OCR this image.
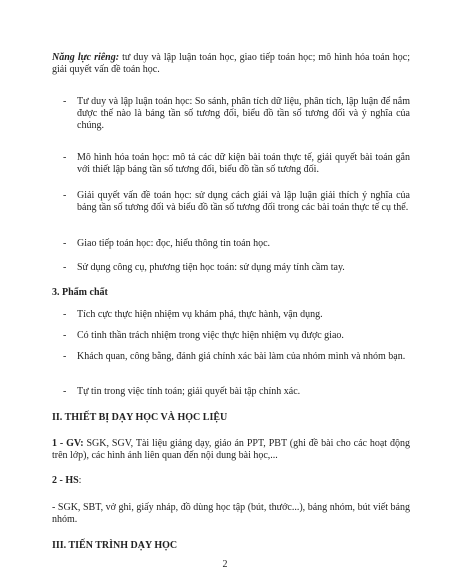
Năng lực riêng: tư duy và lập luận toán học, giao tiếp toán học; mô hình hóa toán học; giải quyết vấn đề toán học.

- Tư duy và lập luận toán học: So sánh, phân tích dữ liệu, phân tích, lập luận để nắm được thế nào là bảng tần số tương đối, biểu đồ tần số tương đối và ý nghĩa của chúng.

- Mô hình hóa toán học: mô tả các dữ kiện bài toán thực tế, giải quyết bài toán gắn với thiết lập bảng tần số tương đối, biểu đồ tần số tương đối.

- Giải quyết vấn đề toán học: sử dụng cách giải và lập luận giải thích ý nghĩa của bảng tần số tương đối và biểu đồ tần số tương đối trong các bài toán thực tế cụ thể.

- Giao tiếp toán học: đọc, hiểu thông tin toán học.

- Sử dụng công cụ, phương tiện học toán: sử dụng máy tính cầm tay.

3. Phẩm chất

- Tích cực thực hiện nhiệm vụ khám phá, thực hành, vận dụng.

- Có tinh thần trách nhiệm trong việc thực hiện nhiệm vụ được giao.

- Khách quan, công bằng, đánh giá chính xác bài làm của nhóm mình và nhóm bạn.

- Tự tin trong việc tính toán; giải quyết bài tập chính xác.

II. THIẾT BỊ DẠY HỌC VÀ HỌC LIỆU

1 - GV: SGK, SGV, Tài liệu giảng dạy, giáo án PPT, PBT (ghi đề bài cho các hoạt động trên lớp), các hình ảnh liên quan đến nội dung bài học,...

2 - HS:

- SGK, SBT, vở ghi, giấy nháp, đồ dùng học tập (bút, thước...), bảng nhóm, bút viết bảng nhóm.

III. TIẾN TRÌNH DẠY HỌC

2
